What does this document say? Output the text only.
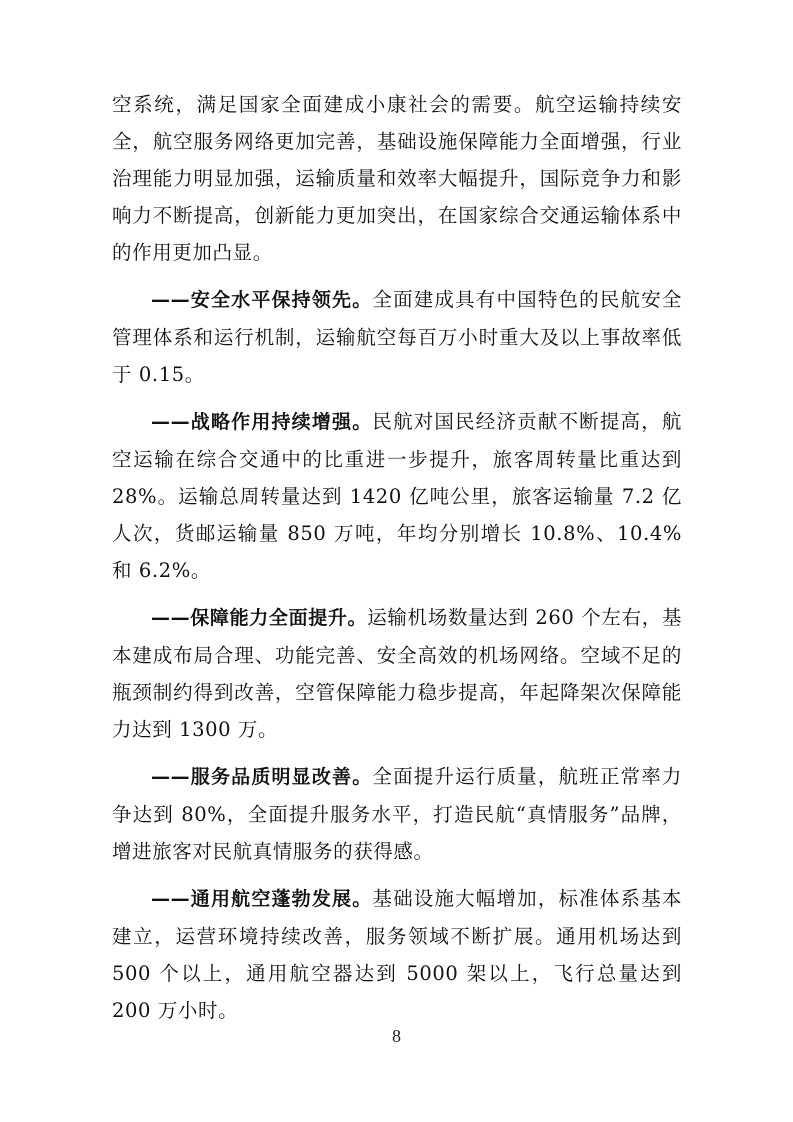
空系统，满足国家全面建成小康社会的需要。航空运输持续安全，航空服务网络更加完善，基础设施保障能力全面增强，行业治理能力明显加强，运输质量和效率大幅提升，国际竞争力和影响力不断提高，创新能力更加突出，在国家综合交通运输体系中的作用更加凸显。

——安全水平保持领先。全面建成具有中国特色的民航安全管理体系和运行机制，运输航空每百万小时重大及以上事故率低于 0.15。

——战略作用持续增强。民航对国民经济贡献不断提高，航空运输在综合交通中的比重进一步提升，旅客周转量比重达到28%。运输总周转量达到 1420 亿吨公里，旅客运输量 7.2 亿人次，货邮运输量 850 万吨，年均分别增长 10.8%、10.4%和 6.2%。

——保障能力全面提升。运输机场数量达到 260 个左右，基本建成布局合理、功能完善、安全高效的机场网络。空域不足的瓶颈制约得到改善，空管保障能力稳步提高，年起降架次保障能力达到 1300 万。

——服务品质明显改善。全面提升运行质量，航班正常率力争达到 80%，全面提升服务水平，打造民航“真情服务”品牌，增进旅客对民航真情服务的获得感。

——通用航空蓬勃发展。基础设施大幅增加，标准体系基本建立，运营环境持续改善，服务领域不断扩展。通用机场达到 500 个以上，通用航空器达到 5000 架以上，飞行总量达到 200 万小时。

8
